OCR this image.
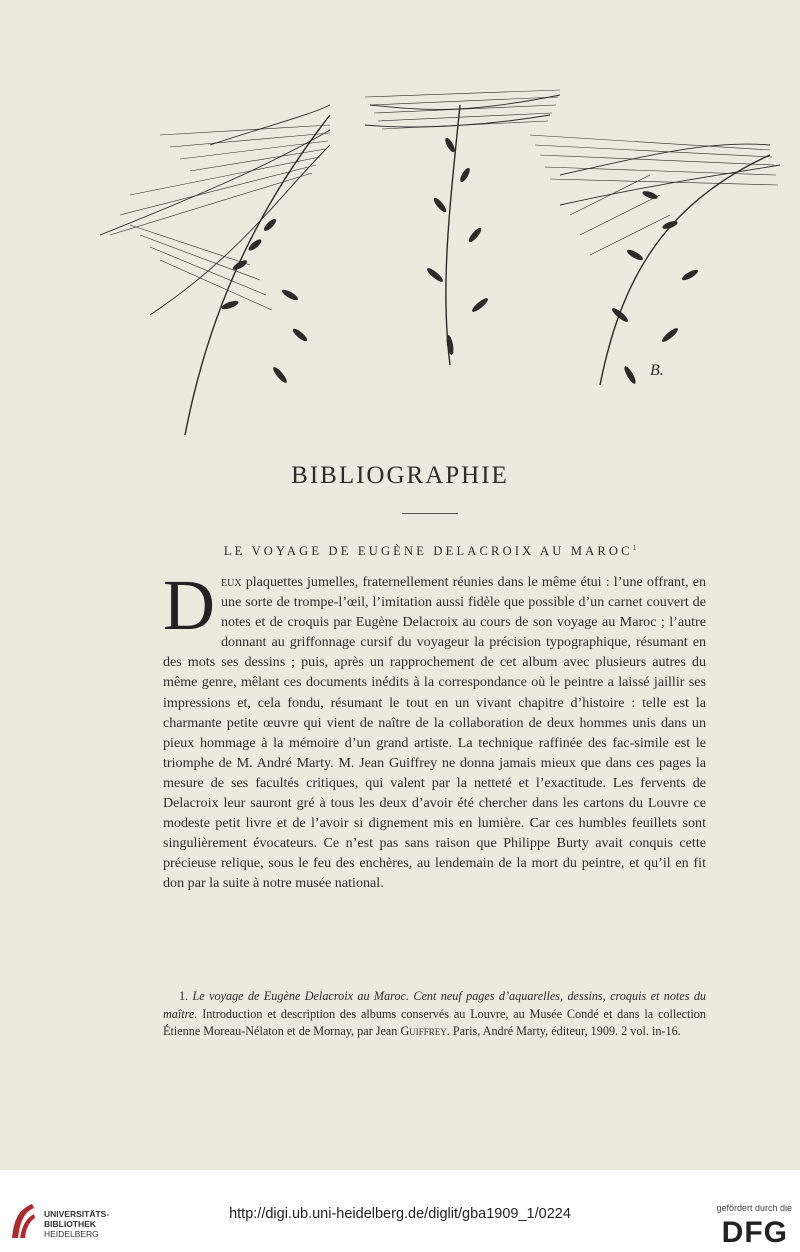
B.
BIBLIOGRAPHIE
LE VOYAGE DE EUGÈNE DELACROIX AU MAROC$^1$
Deux plaquettes jumelles, fraternellement réunies dans le même étui : l’une offrant, en une sorte de trompe-l’œil, l’imitation aussi fidèle que possible d’un carnet couvert de notes et de croquis par Eugène Delacroix au cours de son voyage au Maroc ; l’autre donnant au griffonnage cursif du voyageur la précision typographique, résumant en des mots ses dessins ; puis, après un rapprochement de cet album avec plusieurs autres du même genre, mêlant ces documents inédits à la correspondance où le peintre a laissé jaillir ses impressions et, cela fondu, résumant le tout en un vivant chapitre d’histoire : telle est la charmante petite œuvre qui vient de naître de la collaboration de deux hommes unis dans un pieux hommage à la mémoire d’un grand artiste. La technique raffinée des fac-simile est le triomphe de M. André Marty. M. Jean Guiffrey ne donna jamais mieux que dans ces pages la mesure de ses facultés critiques, qui valent par la netteté et l’exactitude. Les fervents de Delacroix leur sauront gré à tous les deux d’avoir été chercher dans les cartons du Louvre ce modeste petit livre et de l’avoir si dignement mis en lumière. Car ces humbles feuillets sont singulièrement évocateurs. Ce n’est pas sans raison que Philippe Burty avait conquis cette précieuse relique, sous le feu des enchères, au lendemain de la mort du peintre, et qu’il en fit don par la suite à notre musée national.
1. Le voyage de Eugène Delacroix au Maroc. Cent neuf pages d’aquarelles, dessins, croquis et notes du maître. Introduction et description des albums conservés au Louvre, au Musée Condé et dans la collection Étienne Moreau-Nélaton et de Mornay, par Jean Guiffrey. Paris, André Marty, éditeur, 1909. 2 vol. in-16.
UNIVERSITÄTS-
BIBLIOTHEK
HEIDELBERG
http://digi.ub.uni-heidelberg.de/diglit/gba1909_1/0224	gefördert durch die
DFG
